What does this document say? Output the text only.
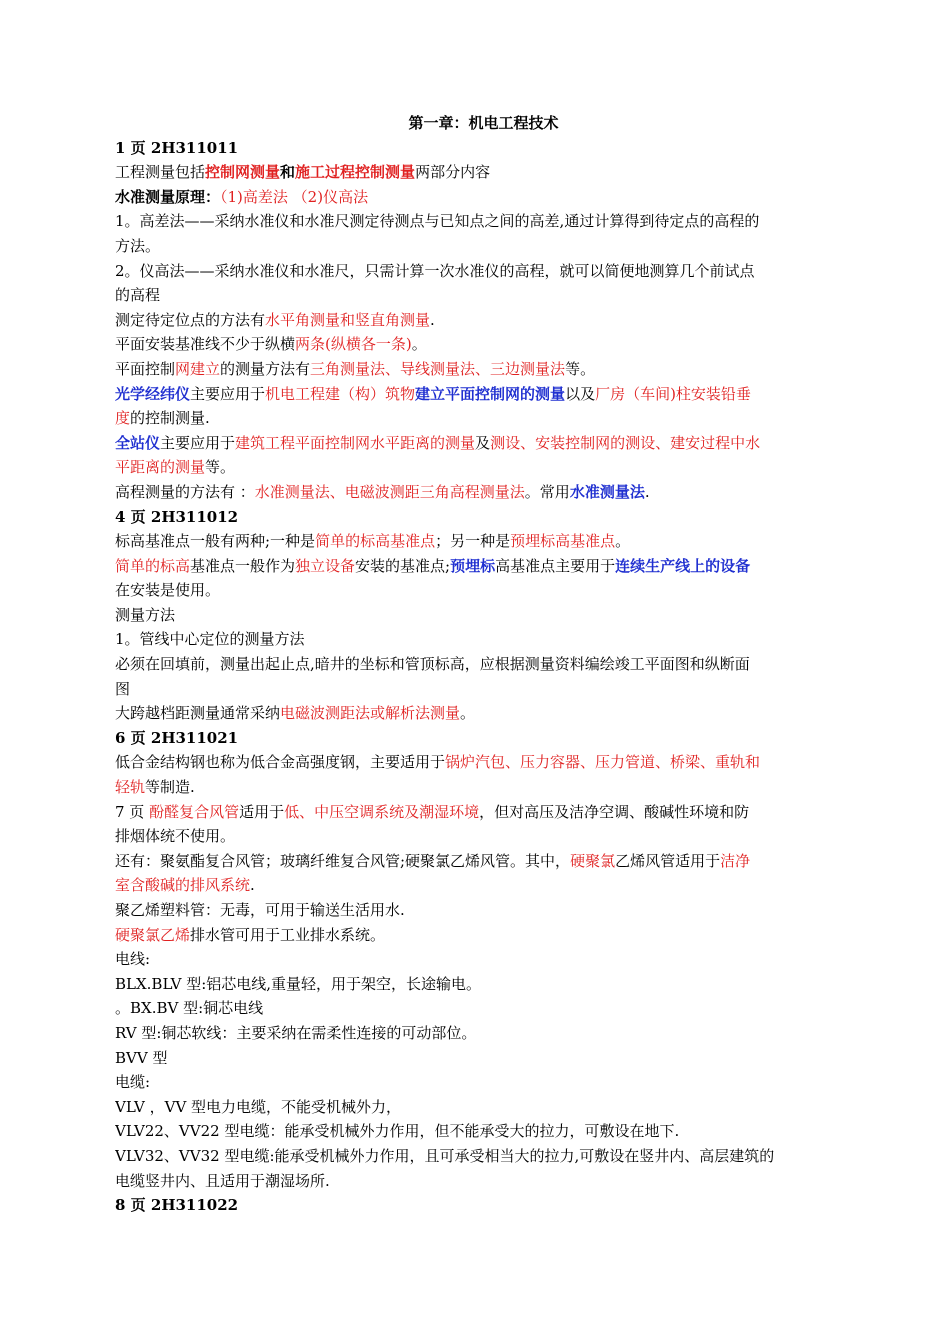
第一章：机电工程技术
1 页 2H311011
工程测量包括控制网测量和施工过程控制测量两部分内容
水准测量原理：（1)高差法 （2)仪高法
1。高差法——采纳水准仪和水准尺测定待测点与已知点之间的高差,通过计算得到待定点的高程的
方法。
2。仪高法——采纳水准仪和水准尺，只需计算一次水准仪的高程，就可以简便地测算几个前试点
的高程
测定待定位点的方法有水平角测量和竖直角测量.
平面安装基准线不少于纵横两条(纵横各一条)。
平面控制网建立的测量方法有三角测量法、导线测量法、三边测量法等。
光学经纬仪主要应用于机电工程建（构）筑物建立平面控制网的测量以及厂房（车间)柱安装铅垂
度的控制测量.
全站仪主要应用于建筑工程平面控制网水平距离的测量及测设、安装控制网的测设、建安过程中水
平距离的测量等。
高程测量的方法有 ：水准测量法、电磁波测距三角高程测量法。常用水准测量法.
4 页 2H311012
标高基准点一般有两种;一种是简单的标高基准点；另一种是预埋标高基准点。
简单的标高基准点一般作为独立设备安装的基准点;预埋标高基准点主要用于连续生产线上的设备
在安装是使用。
测量方法
1。管线中心定位的测量方法
必须在回填前，测量出起止点,暗井的坐标和管顶标高，应根据测量资料编绘竣工平面图和纵断面
图
大跨越档距测量通常采纳电磁波测距法或解析法测量。
6 页 2H311021
低合金结构钢也称为低合金高强度钢，主要适用于锅炉汽包、压力容器、压力管道、桥梁、重轨和
轻轨等制造.
7 页 酚醛复合风管适用于低、中压空调系统及潮湿环境，但对高压及洁净空调、酸碱性环境和防
排烟体统不使用。
还有：聚氨酯复合风管；玻璃纤维复合风管;硬聚氯乙烯风管。其中，硬聚氯乙烯风管适用于洁净
室含酸碱的排风系统.
聚乙烯塑料管：无毒，可用于输送生活用水.
硬聚氯乙烯排水管可用于工业排水系统。
电线:
BLX.BLV 型:铝芯电线,重量轻，用于架空，长途输电。
。BX.BV 型:铜芯电线
RV 型:铜芯软线：主要采纳在需柔性连接的可动部位。
BVV 型
电缆:
VLV ，VV 型电力电缆，不能受机械外力，
VLV22、VV22 型电缆：能承受机械外力作用，但不能承受大的拉力，可敷设在地下.
VLV32、VV32 型电缆:能承受机械外力作用，且可承受相当大的拉力,可敷设在竖井内、高层建筑的
电缆竖井内、且适用于潮湿场所.
8 页 2H311022
